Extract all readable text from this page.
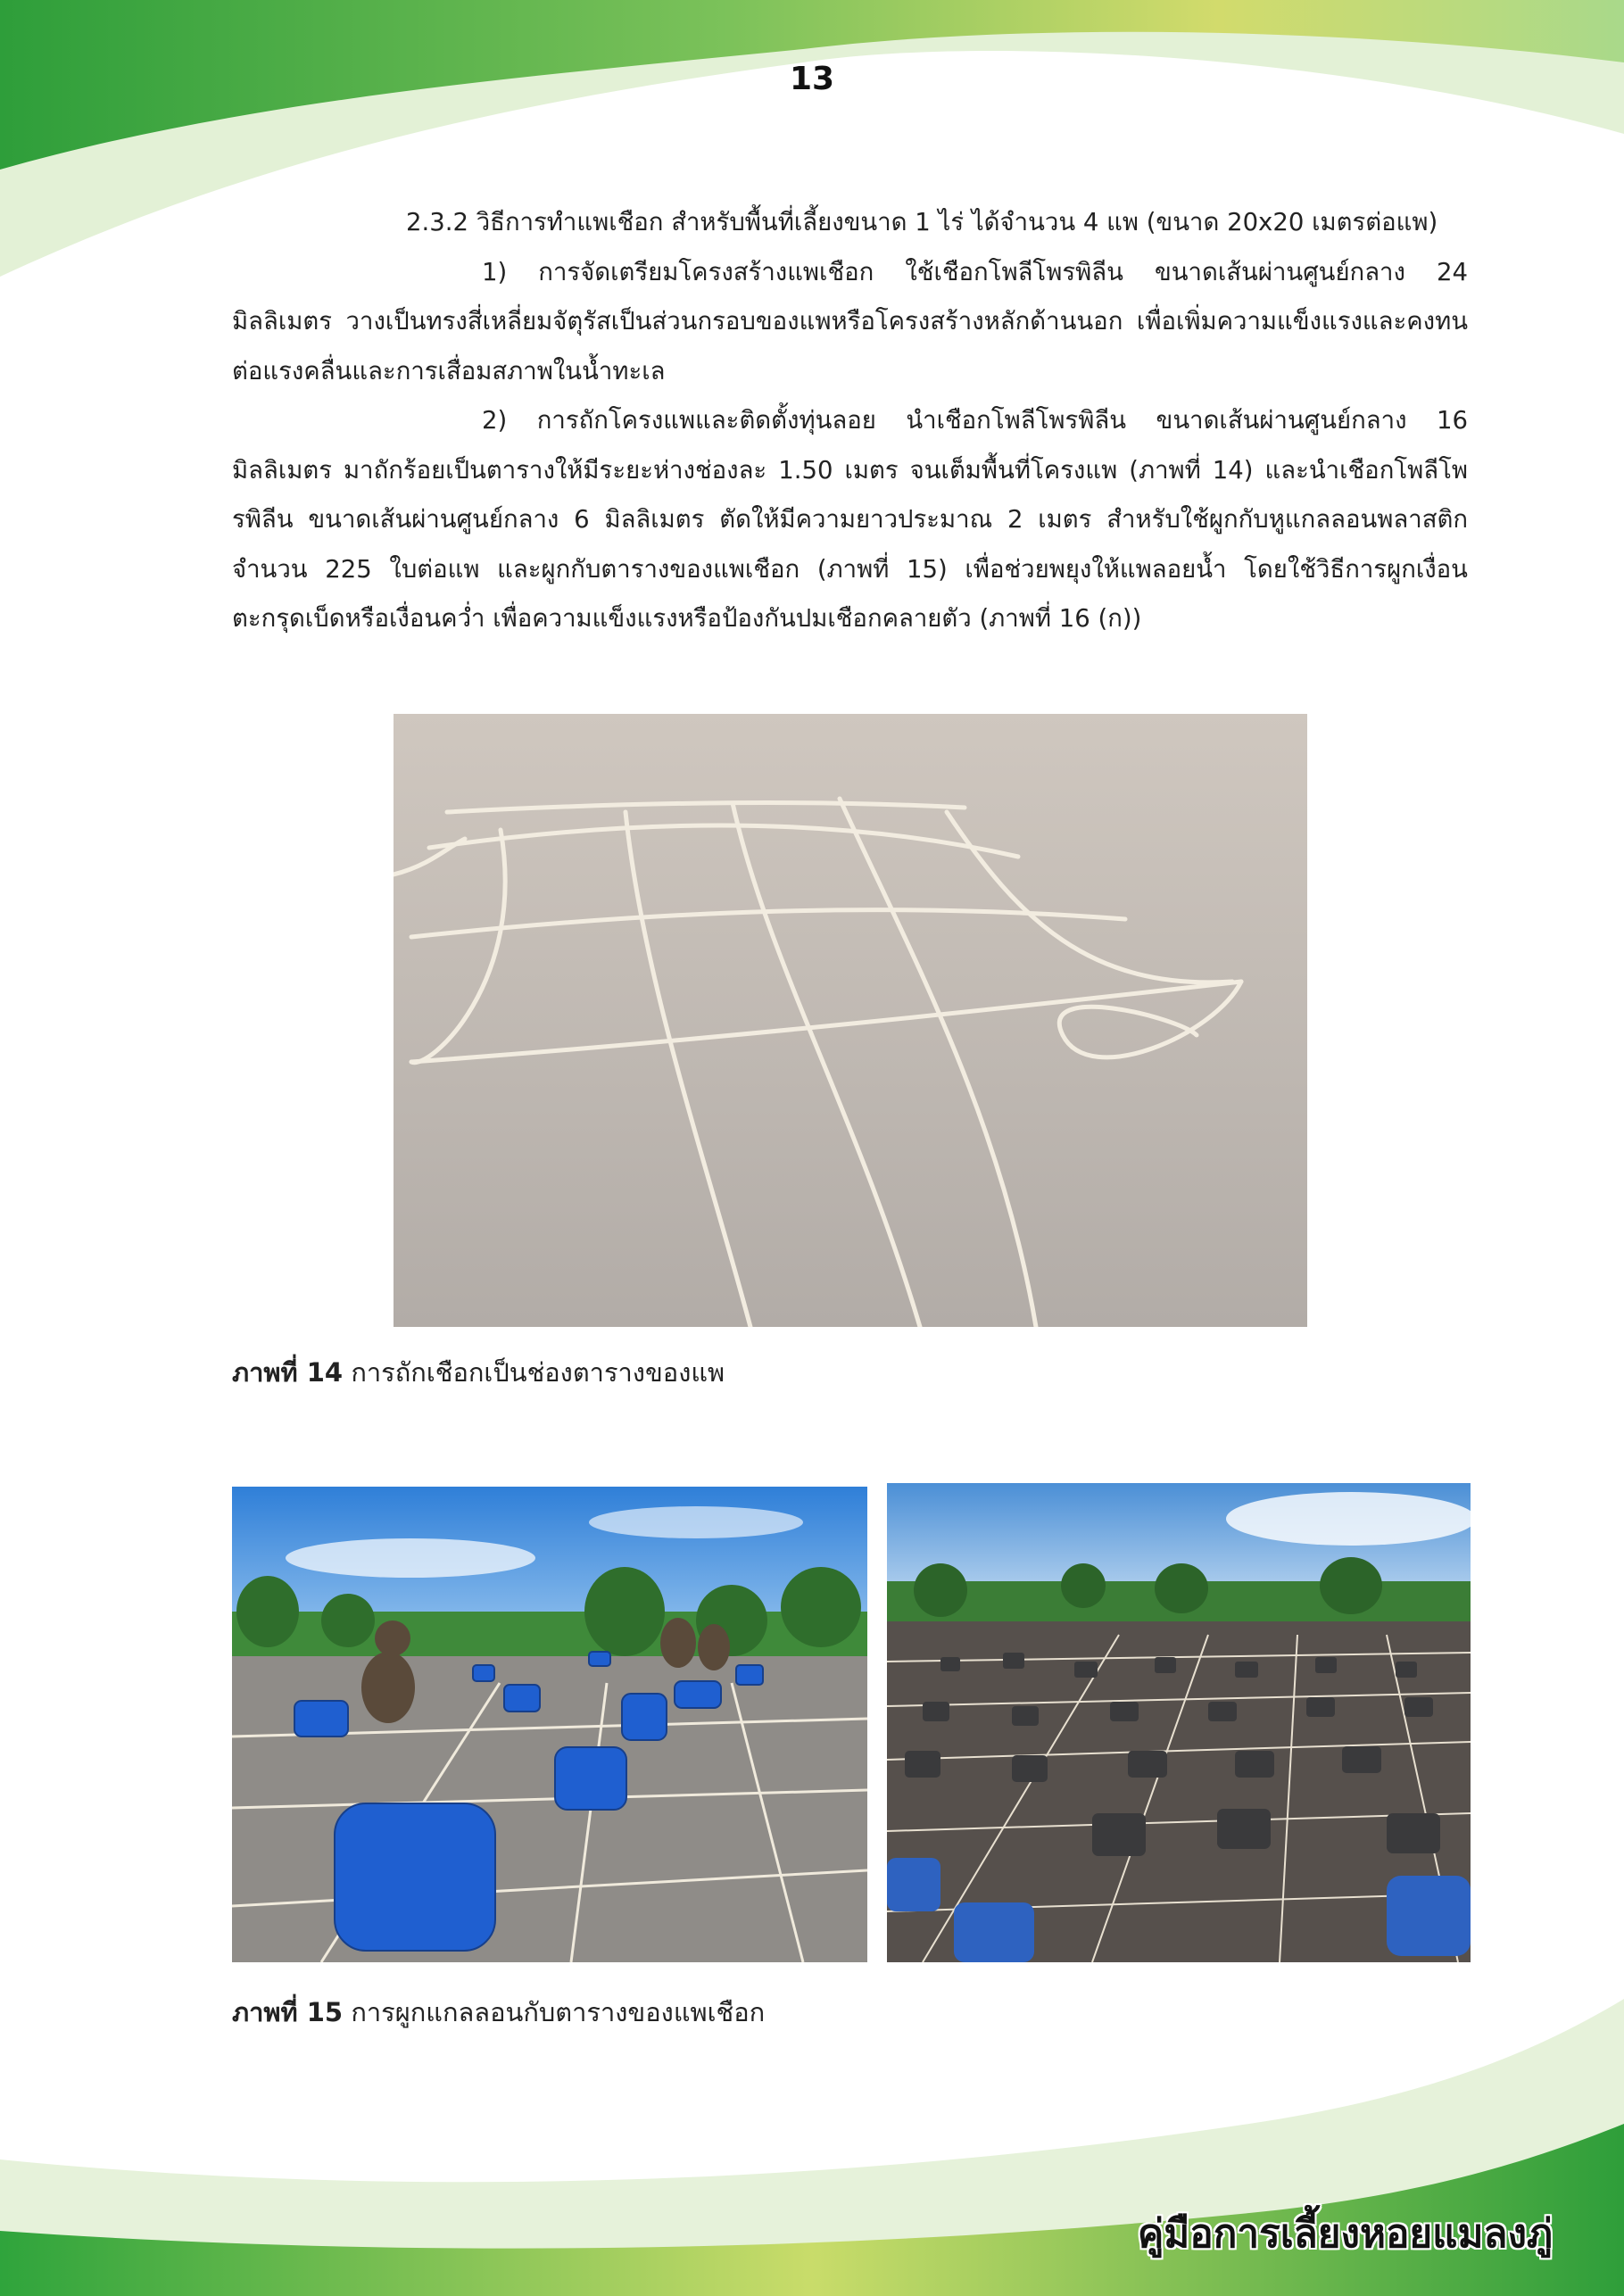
13

2.3.2 วิธีการทำแพเชือก สำหรับพื้นที่เลี้ยงขนาด 1 ไร่ ได้จำนวน 4 แพ (ขนาด 20x20 เมตรต่อแพ)

1) การจัดเตรียมโครงสร้างแพเชือก ใช้เชือกโพลีโพรพิลีน ขนาดเส้นผ่านศูนย์กลาง 24 มิลลิเมตร วางเป็นทรงสี่เหลี่ยมจัตุรัสเป็นส่วนกรอบของแพหรือโครงสร้างหลักด้านนอก เพื่อเพิ่มความแข็งแรงและคงทนต่อแรงคลื่นและการเสื่อมสภาพในน้ำทะเล

2) การถักโครงแพและติดตั้งทุ่นลอย นำเชือกโพลีโพรพิลีน ขนาดเส้นผ่านศูนย์กลาง 16 มิลลิเมตร มาถักร้อยเป็นตารางให้มีระยะห่างช่องละ 1.50 เมตร จนเต็มพื้นที่โครงแพ (ภาพที่ 14) และนำเชือกโพลีโพรพิลีน ขนาดเส้นผ่านศูนย์กลาง 6 มิลลิเมตร ตัดให้มีความยาวประมาณ 2 เมตร สำหรับใช้ผูกกับหูแกลลอนพลาสติก จำนวน 225 ใบต่อแพ และผูกกับตารางของแพเชือก (ภาพที่ 15) เพื่อช่วยพยุงให้แพลอยน้ำ โดยใช้วิธีการผูกเงื่อนตะกรุดเบ็ดหรือเงื่อนคว่ำ เพื่อความแข็งแรงหรือป้องกันปมเชือกคลายตัว (ภาพที่ 16 (ก))

ภาพที่ 14 การถักเชือกเป็นช่องตารางของแพ
ภาพที่ 15 การผูกแกลลอนกับตารางของแพเชือก
คู่มือการเลี้ยงหอยแมลงภู่
